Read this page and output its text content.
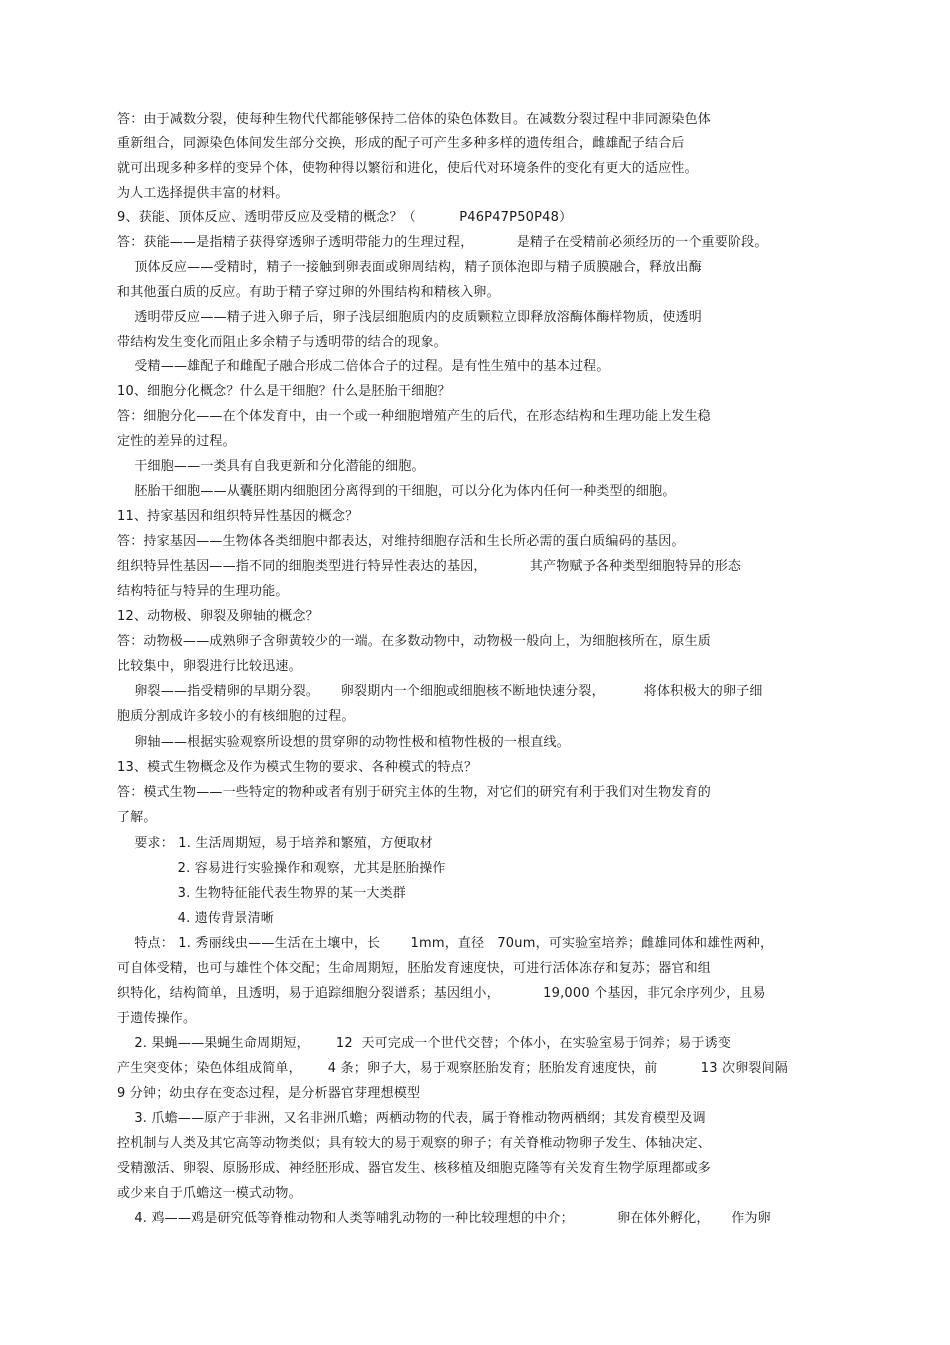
答：由于减数分裂，使每种生物代代都能够保持二倍体的染色体数目。在减数分裂过程中非同源染色体
重新组合，同源染色体间发生部分交换，形成的配子可产生多种多样的遗传组合，雌雄配子结合后
就可出现多种多样的变异个体，使物种得以繁衍和进化，使后代对环境条件的变化有更大的适应性。
为人工选择提供丰富的材料。
9、获能、顶体反应、透明带反应及受精的概念？（          P46P47P50P48）
答：获能——是指精子获得穿透卵子透明带能力的生理过程，          是精子在受精前必须经历的一个重要阶段。
顶体反应——受精时，精子一接触到卵表面或卵周结构，精子顶体泡即与精子质膜融合，释放出酶
和其他蛋白质的反应。有助于精子穿过卵的外围结构和精核入卵。
透明带反应——精子进入卵子后，卵子浅层细胞质内的皮质颗粒立即释放溶酶体酶样物质，使透明
带结构发生变化而阻止多余精子与透明带的结合的现象。
受精——雄配子和雌配子融合形成二倍体合子的过程。是有性生殖中的基本过程。
10、细胞分化概念？什么是干细胞？什么是胚胎干细胞？
答：细胞分化——在个体发育中，由一个或一种细胞增殖产生的后代，在形态结构和生理功能上发生稳
定性的差异的过程。
干细胞——一类具有自我更新和分化潜能的细胞。
胚胎干细胞——从囊胚期内细胞团分离得到的干细胞，可以分化为体内任何一种类型的细胞。
11、持家基因和组织特异性基因的概念？
答：持家基因——生物体各类细胞中都表达，对维持细胞存活和生长所必需的蛋白质编码的基因。
组织特异性基因——指不同的细胞类型进行特异性表达的基因，          其产物赋予各种类型细胞特异的形态
结构特征与特异的生理功能。
12、动物极、卵裂及卵轴的概念？
答：动物极——成熟卵子含卵黄较少的一端。在多数动物中，动物极一般向上，为细胞核所在，原生质
比较集中，卵裂进行比较迅速。
卵裂——指受精卵的早期分裂。     卵裂期内一个细胞或细胞核不断地快速分裂，         将体积极大的卵子细
胞质分割成许多较小的有核细胞的过程。
卵轴——根据实验观察所设想的贯穿卵的动物性极和植物性极的一根直线。
13、模式生物概念及作为模式生物的要求、各种模式的特点？
答：模式生物——一些特定的物种或者有别于研究主体的生物，对它们的研究有利于我们对生物发育的
了解。
要求： 1. 生活周期短，易于培养和繁殖，方便取材
2. 容易进行实验操作和观察，尤其是胚胎操作
3. 生物特征能代表生物界的某一大类群
4. 遗传背景清晰
特点： 1. 秀丽线虫——生活在土壤中，长       1mm，直径   70um，可实验室培养；雌雄同体和雄性两种，
可自体受精，也可与雄性个体交配；生命周期短，胚胎发育速度快，可进行活体冻存和复苏；器官和组
织特化，结构简单，且透明，易于追踪细胞分裂谱系；基因组小，          19,000 个基因，非冗余序列少，且易
于遗传操作。
2. 果蝇——果蝇生命周期短，      12  天可完成一个世代交替；个体小，在实验室易于饲养；易于诱变
产生突变体；染色体组成简单，      4 条；卵子大，易于观察胚胎发育；胚胎发育速度快，前          13 次卵裂间隔
9 分钟；幼虫存在变态过程，是分析器官芽理想模型
3. 爪蟾——原产于非洲，又名非洲爪蟾；两栖动物的代表，属于脊椎动物两栖纲；其发育模型及调
控机制与人类及其它高等动物类似；具有较大的易于观察的卵子；有关脊椎动物卵子发生、体轴决定、
受精激活、卵裂、原肠形成、神经胚形成、器官发生、核移植及细胞克隆等有关发育生物学原理都或多
或少来自于爪蟾这一模式动物。
4. 鸡——鸡是研究低等脊椎动物和人类等哺乳动物的一种比较理想的中介；          卵在体外孵化，     作为卵
